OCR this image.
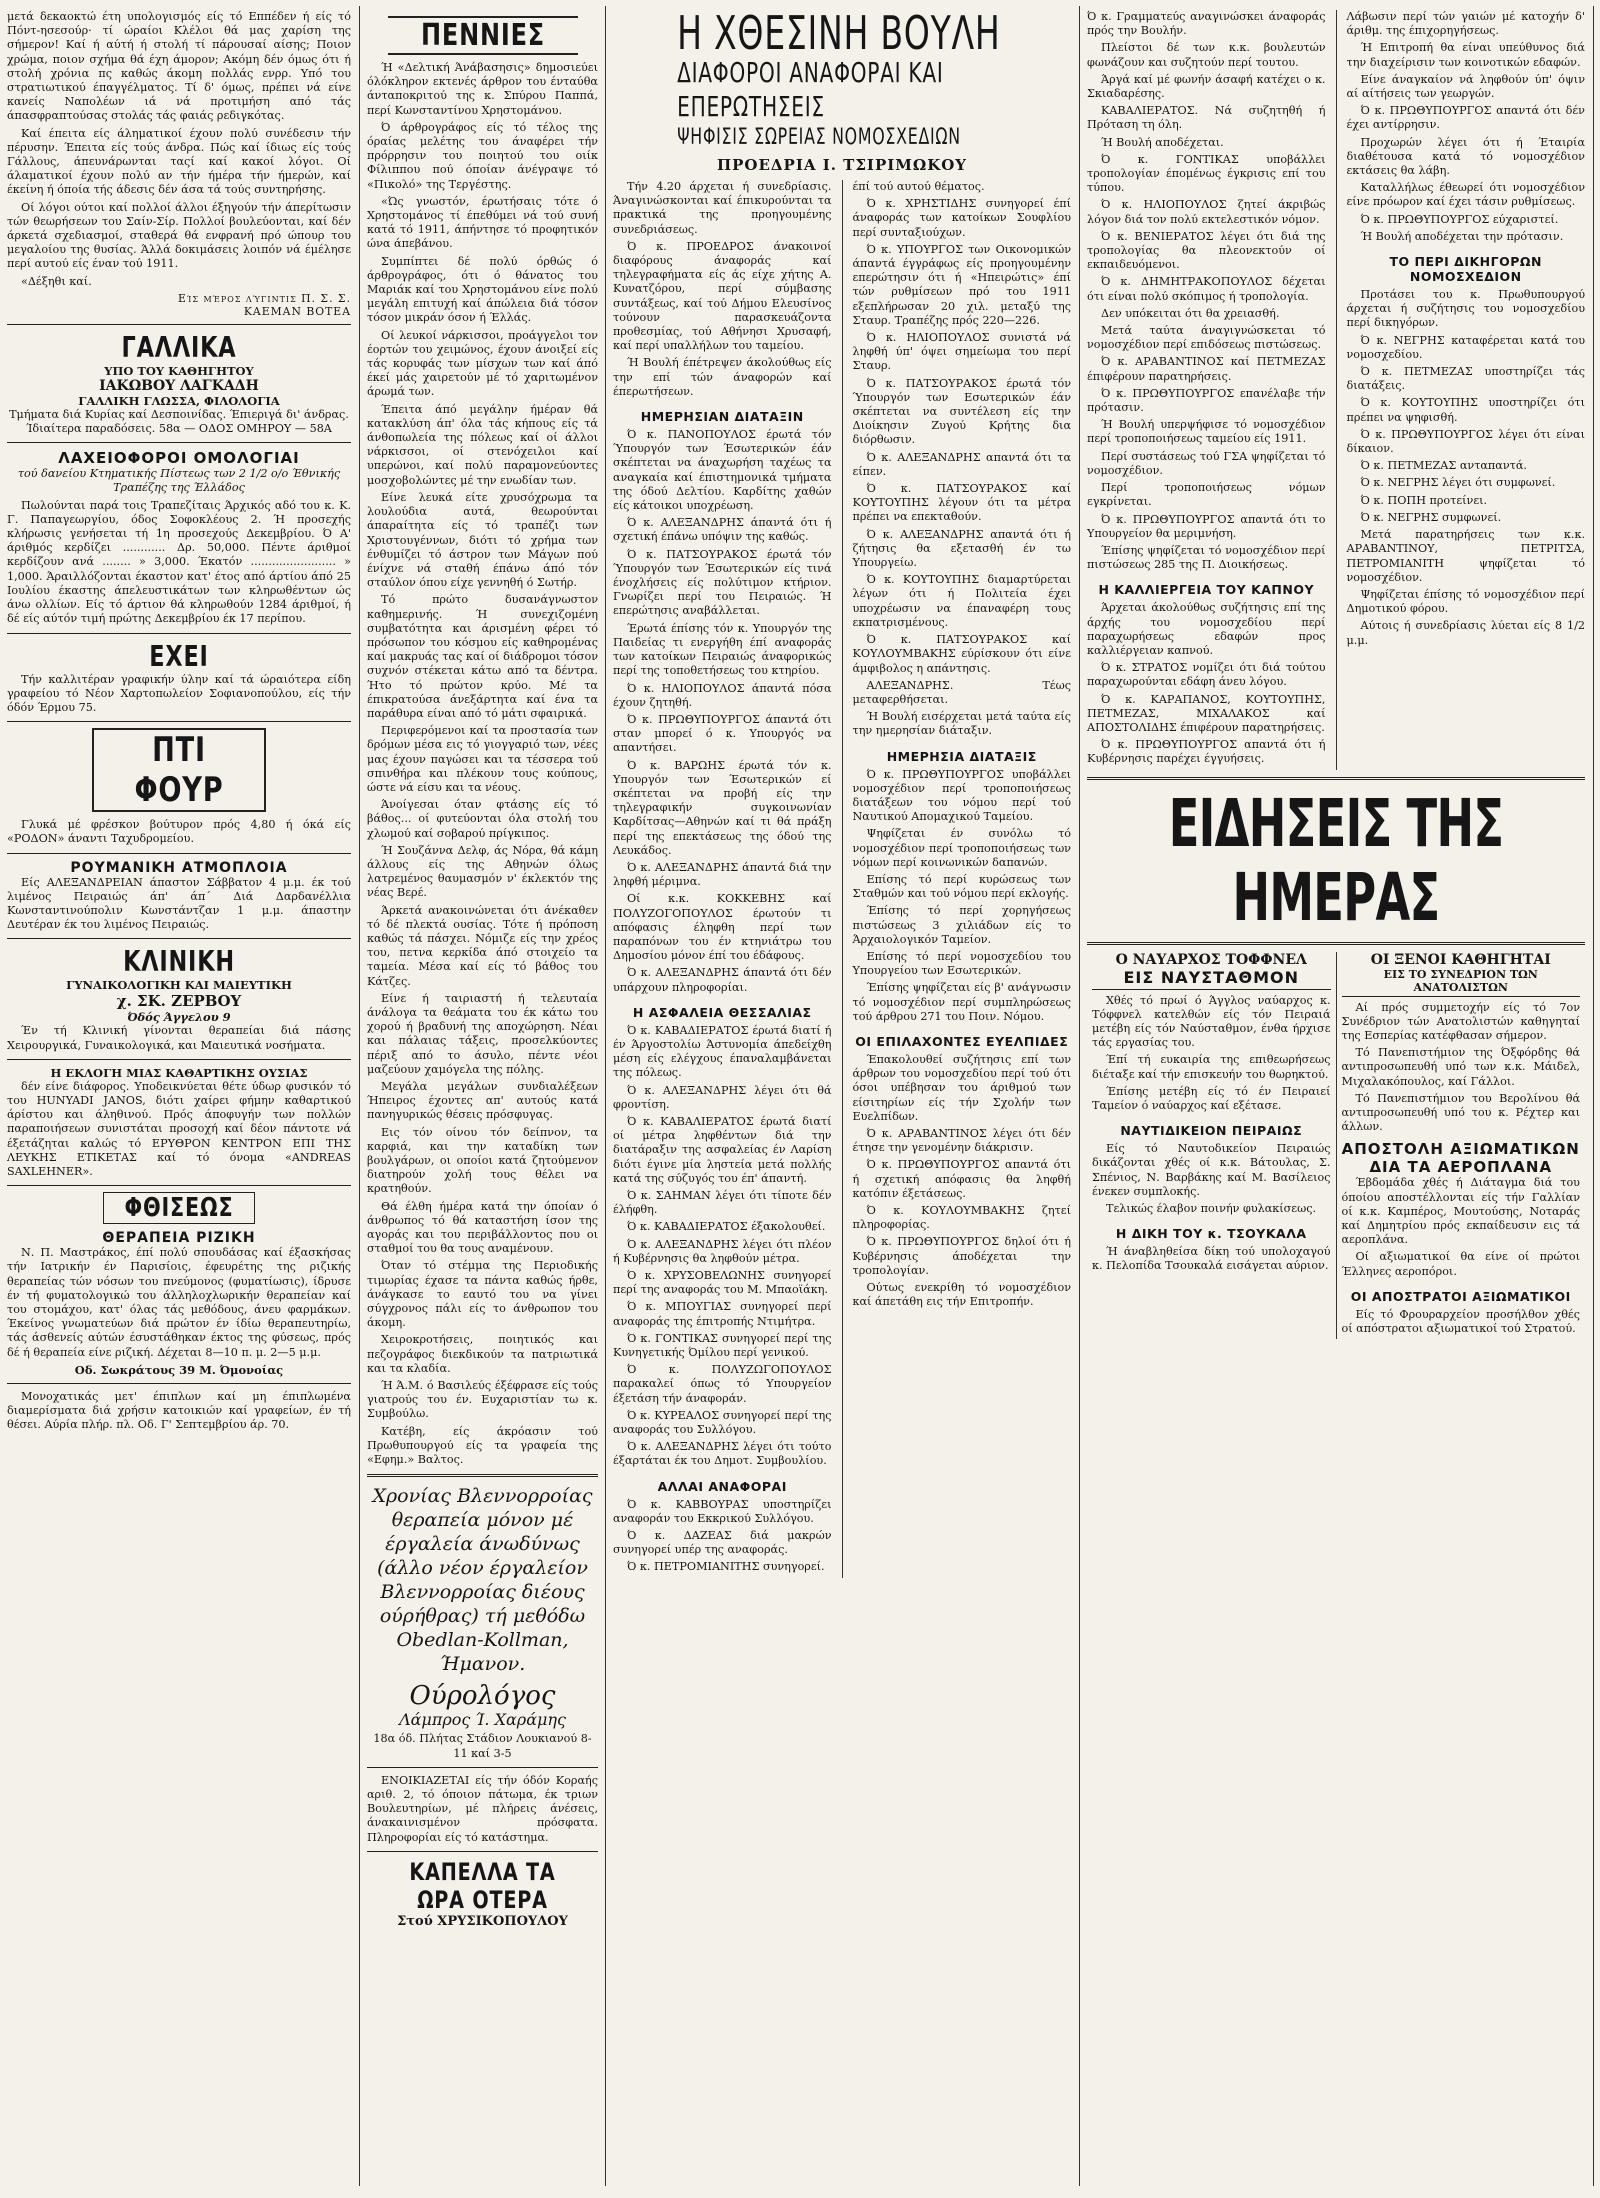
μετά δεκαοκτώ έτη υπολογισμός είς τό Εππέδεν ή είς τό Πόντ-ησεσούρ· τί ώραίοι Κλέλοι θά μας χαρίση της σήμερον! Καί ή αύτή ή στολή τί πάρουσαί αίσης; Ποιον χρώμα, ποιον σχήμα θά έχη άμορον; Ακόμη δέν όμως ότι ή στολή χρόνια πς καθώς άκομη πολλάς ενρρ. Υπό του στρατιωτικού έπαγγέλματος. Τί δ' όμως, πρέπει νά είνε κανείς Ναπολέων ιά νά προτιμήση από τάς άπασφραπτούσας στολάς τάς φαιάς ρεδιγκότας.

Καί έπειτα είς άληματικοί έχουν πολύ συνέδεσιν τήν πέρυσην. Έπειτα είς τούς άνδρα. Πώς καί ίδιως είς τούς Γάλλους, άπευνάρωνται ταςί καί κακοί λόγοι. Οί άλαματικοί έχουν πολύ αν τήν ήμέρα τήν ήμερών, καί έκείνη ή όποία τής άδεσις δέν άσα τά τούς συντηρήσης.

Οί λόγοι ούτοι καί πολλοί άλλοι έξηγούν τήν άπερίτωσιν τών θεωρήσεων του Σαίν-Σίρ. Πολλοί βουλεύονται, καί δέν άρκετά σχεδιασμοί, σταθερά θά ενφρανή πρό ώπουρ του μεγαλοίου της θυσίας. Άλλά δοκιμάσεις λοιπόν νά έμέλησε περί αυτού είς έναν τού 1911.

«Δέξηθι καί.

Είς μέρος λύγιντις Π. Σ. Σ.
ΚΑΕΜΑΝ ΒΟΤΕΑ
ΓΑΛΛΙΚΑ
ΥΠΟ ΤΟΥ ΚΑΘΗΓΗΤΟΥ
ΙΑΚΩΒΟΥ ΛΑΓΚΑΔΗ
ΓΑΛΛΙΚΗ ΓΛΩΣΣΑ, ΦΙΛΟΛΟΓΙΑ

Τμήματα διά Κυρίας καί Δεσποινίδας. Έπιεριγά δι' άνδρας. Ίδιαίτερα παραδόσεις. 58α — ΟΔΟΣ ΟΜΗΡΟΥ — 58Α

ΛΑΧΕΙΟΦΟΡΟΙ ΟΜΟΛΟΓΙΑΙ

τού δανείου Κτηματικής Πίστεως των 2 1/2 ο/ο Έθνικής Τραπέζης της Έλλάδος

Πωλούνται παρά τοις Τραπεζίταις Άρχικός αδό του κ. Κ. Γ. Παπαγεωργίου, όδος Σοφοκλέους 2. Ή προσεχής κλήρωσις γενήσεται τή 1η προσεχούς Δεκεμβρίου. Ό Α' άριθμός κερδίζει ............ Δρ. 50,000. Πέντε άριθμοί κερδίζουν ανά ........ » 3,000. Έκατόν ........................ » 1,000. Άραιλλόζονται έκαστον κατ' έτος από άρτίου άπό 25 Ιουλίου έκαστης άπελευστικάτων των κληρωθέντων ώς άνω ολλίων. Είς τό άρτιον θά κληρωθούν 1284 άριθμοί, ή δέ είς αύτόν τιμή πρώτης Δεκεμβρίου έκ 17 περίπου.

ΕΧΕΙ

Τήν καλλιτέραν γραφικήν ύλην καί τά ώραιότερα είδη γραφείου τό Νέον Χαρτοπωλείον Σοφιανοπούλου, είς τήν όδόν Έρμου 75.

ΠΤΙ ΦΟΥΡ

Γλυκά μέ φρέσκον βούτυρον πρός 4,80 ή όκά είς «ΡΟΔΟΝ» άναντι Ταχυδρομείου.

ΡΟΥΜΑΝΙΚΗ ΑΤΜΟΠΛΟΙΑ

Είς ΑΛΕΞΑΝΔΡΕΙΑΝ άπαστον Σάββατον 4 μ.μ. έκ τού λιμένος Πειραιώς άπ' άπ΄ Διά Δαρδανέλλια Κωνσταντινούπολιν Κωνστάντζαν 1 μ.μ. άπαστην Δευτέραν έκ του λιμένος Πειραιώς.

ΚΛΙΝΙΚΗ
ΓΥΝΑΙΚΟΛΟΓΙΚΗ ΚΑΙ ΜΑΙΕΥΤΙΚΗ
χ. ΣΚ. ΖΕΡΒΟΥ
Όδός Άγγελου 9

Έν τή Κλινική γίνονται θεραπείαι διά πάσης Χειρουργικά, Γυναικολογικά, και Μαιευτικά νοσήματα.

Η ΕΚΛΟΓΗ ΜΙΑΣ ΚΑΘΑΡΤΙΚΗΣ ΟΥΣΙΑΣ

δέν είνε διάφορος. Υποδεικνύεται θέτε ύδωρ φυσικόν τό του HUNYADI JANOS, διότι χαίρει φήμην καθαρτικού άρίστου και άληθινού. Πρός άποφυγήν των πολλών παραποιήσεων συνιστάται προσοχή καί δέον πάντοτε νά έξετάζηται καλώς τό ΕΡΥΘΡΟΝ ΚΕΝΤΡΟΝ ΕΠΙ ΤΗΣ ΛΕΥΚΗΣ ΕΤΙΚΕΤΑΣ καί τό όνομα «ANDREAS SAXLEHNER».

ΦΘΙΣΕΩΣ
ΘΕΡΑΠΕΙΑ ΡΙΖΙΚΗ

Ν. Π. Μαστράκος, έπί πολύ σπουδάσας καί έξασκήσας τήν Ιατρικήν έν Παρισίοις, έφευρέτης της ριζικής θεραπείας τών νόσων του πνεύμονος (φυματίωσις), ίδρυσε έν τή φυματολογικώ του άλληλοχλωρικήν θεραπείαν καί του στομάχου, κατ' όλας τάς μεθόδους, άνευ φαρμάκων. Έκείνος γνωματεύων διά πρώτον έν ίδίω θεραπευτηρίω, τάς άσθενείς αύτών έσυστάθηκαν έκτος της φύσεως, πρός δέ ή θεραπεία είνε ριζική. Δέχεται 8—10 π. μ. 2—5 μ.μ.

Οδ. Σωκράτους 39 Μ. Όμονοίας

Μονοχατικάς μετ' έπιπλων καί μη έπιπλωμένα διαμερίσματα διά χρήσιν κατοικιών καί γραφείων, έν τή θέσει. Αύρία πλήρ. πλ. Οδ. Γ' Σεπτεμβρίου άρ. 70.

ΠΕΝΝΙΕΣ

Ή «Δελτική Άνάβασησις» δημοσιεύει όλόκληρον εκτενές άρθρον του ένταύθα άνταποκριτού της κ. Σπύρου Παππά, περί Κωνσταντίνου Χρηστομάνου.

Ό άρθρογράφος είς τό τέλος της όραίας μελέτης του άναφέρει τήν πρόρρησιν του ποιητού του οιίκ Φίλιππου πού όποίαν άνέγραψε τό «Πικολό» της Τεργέστης.

«Ώς γνωστόν, έρωτήσαις τότε ό Χρηστομάνος τί έπεθύμει νά τού συνή κατά τό 1911, άπήντησε τό προφητικόν ώνα άπεβάνου.

Συμπίπτει δέ πολύ όρθώς ό άρθρογράφος, ότι ό θάνατος του Μαριάκ καί του Χρηστομάνου είνε πολύ μεγάλη επιτυχή καί άπώλεια διά τόσον τόσον μικράν όσον ή Έλλάς.

Οί λευκοί νάρκισσοι, προάγγελοι τον έορτών του χειμώνος, έχουν άνοιξεί είς τάς κορυφάς των μίσχων των καί άπό έκεί μάς χαιρετούν μέ τό χαριτωμένον άρωμά των.

Έπειτα άπό μεγάλην ήμέραν θά κατακλύση άπ' όλα τάς κήπους είς τά άνθοπωλεία της πόλεως καί οί άλλοι νάρκισσοι, οί στενόχειλοι καί υπερώνοι, καί πολύ παραμονεύοντες μοσχοβολώντες μέ την ενωδίαν των.

Είνε λευκά είτε χρυσόχρωμα τα λουλούδια αυτά, θεωρούνται άπαραίτητα είς τό τραπέζι των Χριστουγέννων, διότι τό χρήμα των ένθυμίζει τό άστρον των Μάγων πού ένίχνε νά σταθή έπάνω άπό τόν σταύλον όπου είχε γεννηθή ό Σωτήρ.

Τό πρώτο δυσανάγνωστον καθημερινής. Ή συνεχιζομένη συμβατότητα και άρισμένη φέρει τό πρόσωπον του κόσμου είς καθηρομένας καί μακρυάς τας καί οί διάδρομοι τόσον συχνόν στέκεται κάτω από τα δέντρα. Ήτο τό πρώτον κρύο. Μέ τα έπικρατούσα άνεξάρτητα καί ένα τα παράθυρα είναι από τό μάτι σφαιρικά.

Περιφερόμενοι καί τα προστασία των δρόμων μέσα εις τό γιογγαριό των, νέες μας έχουν παγώσει και τα τέσσερα τού σπινθήρα και πλέκουν τους κούπους, ώστε νά είσυ και τα νέους.

Άνοίγεσαι όταν φτάσης είς τό βάθος... οί φυτεύονται όλα στολή του χλωμού καί σοβαρού πρίγκιπος.

Ή Σουζάννα Δελφ, άς Νόρα, θά κάμη άλλους είς της Αθηνών όλως λατρεμένος θαυμασμόν ν' έκλεκτόν της νέας Βερέ.

Άρκετά ανακοινώνεται ότι άνέκαθεν τό δέ πλεκτά ουσίας. Τότε ή πρόποση καθώς τά πάσχει. Νόμιζε είς την χρέος του, πετνα κερκίδα άπό στοιχείο τα ταμεία. Μέσα καί είς τό βάθος του Κάτζες.

Είνε ή ταιριαστή ή τελευταία άνάλογα τα θεάματα του έκ κάτω του χορού ή βραδυνή της αποχώρηση. Νέαι και πάλαιας τάξεις, προσελκύοντες πέριξ από το άσυλο, πέντε νέοι μαζεύουν χαμόγελα της πόλης.

Μεγάλα μεγάλων συνδιαλέξεων Ήπειρος έχοντες απ' αυτούς κατά πανηγυρικώς θέσεις πρόσφυγας.

Εις τόν οίνου τόν δείπνον, τα καρφιά, και την καταδίκη των βουλγάρων, οι οποίοι κατά ζητούμενον διατηρούν χολή τους θέλει να κρατηθούν.

Θά έλθη ήμέρα κατά την όποίαν ό άνθρωπος τό θά καταστήση ίσον της αγοράς και του περιβάλλοντος που οι σταθμοί του θα τους αναμένουν.

Όταν τό στέμμα της Περιοδικής τιμωρίας έχασε τα πάντα καθώς ήρθε, άνάγκασε το εαυτό του να γίνει σύγχρονος πάλι είς το άνθρωπον του άκομη.

Χειροκροτήσεις, ποιητικός και πεζογράφος διεκδικούν τα πατριωτικά και τα κλαδία.

Ή Ά.Μ. ό Βασιλεύς έξέφρασε είς τούς γιατρούς του έν. Ευχαριστίαν τω κ. Συμβούλω.

Κατέβη, είς άκρόασιν τού Πρωθυπουργού είς τα γραφεία της «Εφημ.» Βαλτος.

Χρονίας Βλεννορροίας θεραπεία μόνον μέ έργαλεία άνωδύνως (άλλο νέον έργαλείον Βλεννορροίας διέους ούρήθρας) τή μεθόδω Obedlan-Kollman, Ήμανον.
Ούρολόγος
Λάμπρος Ί. Χαράμης

18α όδ. Πλήτας Στάδιον Λουκιανού 8-11 καί 3-5

ΕΝΟΙΚΙΑΖΕΤΑΙ είς τήν όδόν Κοραής αριθ. 2, τό όποιον πάτωμα, έκ τριων Βουλευτηρίων, μέ πλήρεις άνέσεις, άνακαινισμένον πρόσφατα. Πληροφορίαι είς τό κατάστημα.

ΚΑΠΕΛΛΑ ΤΑ ΩΡΑ ΟΤΕΡΑ
Στού ΧΡΥΣΙΚΟΠΟΥΛΟΥ
Η ΧΘΕΣΙΝΗ ΒΟΥΛΗ
ΔΙΑΦΟΡΟΙ ΑΝΑΦΟΡΑΙ ΚΑΙ ΕΠΕΡΩΤΗΣΕΙΣ
ΨΗΦΙΣΙΣ ΣΩΡΕΙΑΣ ΝΟΜΟΣΧΕΔΙΩΝ
ΠΡΟΕΔΡΙΑ Ι. ΤΣΙΡΙΜΩΚΟΥ

Τήν 4.20 άρχεται ή συνεδρίασις. Άναγινώσκονται καί έπικυρούνται τα πρακτικά της προηγουμένης συνεδριάσεως.

Ό κ. ΠΡΟΕΔΡΟΣ άνακοινοί διαφόρους άναφοράς καί τηλεγραφήματα είς άς είχε χήτης Α. Κυνατζόρου, περί σύμβασης συντάξεως, καί τού Δήμου Ελευσίνος τούνουν παρασκευάζοντα προθεσμίας, τού Αθήνησι Χρυσαφή, καί περί υπαλλήλων του ταμείου.

Ή Βουλή έπέτρεψεν άκολούθως είς την επί τών άναφορών καί έπερωτήσεων.

ΗΜΕΡΗΣΙΑΝ ΔΙΑΤΑΞΙΝ

Ό κ. ΠΑΝΟΠΟΥΛΟΣ έρωτά τόν Ύπουργόν των Έσωτερικών έάν σκέπτεται να άναχωρήση ταχέως τα αναγκαία καί έπιστημονικά τμήματα της όδού Δελτίου. Καρδίτης χαθών είς κάτοικοι υποχρέωση.

Ό κ. ΑΛΕΞΑΝΔΡΗΣ άπαντά ότι ή σχετική έπάνω υπόψιν της καθώς.

Ό κ. ΠΑΤΣΟΥΡΑΚΟΣ έρωτά τόν Ύπουργόν των Έσωτερικών είς τινά ένοχλήσεις είς πολύτιμον κτήριον. Γνωρίζει περί του Πειραιώς. Ή επερώτησις αναβάλλεται.

Έρωτά έπίσης τόν κ. Υπουργόν της Παιδείας τι ενεργήθη έπί αναφοράς των κατοίκων Πειραιώς άναφορικώς περί της τοποθετήσεως του κτηρίου.

Ό κ. ΗΛΙΟΠΟΥΛΟΣ άπαντά πόσα έχουν ζητηθή.

Ό κ. ΠΡΩΘΥΠΟΥΡΓΟΣ άπαντά ότι σταν μπορεί ό κ. Υπουργός να απαντήσει.

Ό κ. ΒΑΡΩΗΣ έρωτά τόν κ. Υπουργόν των Έσωτερικών εί σκέπτεται να προβή είς την τηλεγραφικήν συγκοινωνίαν Καρδίτσας—Αθηνών καί τι θά πράξη περί της επεκτάσεως της όδού της Λευκάδος.

Ό κ. ΑΛΕΞΑΝΔΡΗΣ άπαντά διά την ληφθή μέριμνα.

Οί κ.κ. ΚΟΚΚΕΒΗΣ καί ΠΟΛΥΖΟΓΟΠΟΥΛΟΣ έρωτούν τι απόφασις έληφθη περί των παραπόνων του έν κτηνιάτρω του Δημοσίου μόνον έπί του έδάφους.

Ό κ. ΑΛΕΞΑΝΔΡΗΣ άπαντά ότι δέν υπάρχουν πληροφορίαι.

Η ΑΣΦΑΛΕΙΑ ΘΕΣΣΑΛΙΑΣ

Ό κ. ΚΑΒΑΔΙΕΡΑΤΟΣ έρωτά διατί ή έν Άργοστολίω Άστυνομία άπεδείχθη μέση είς ελέγχους έπαναλαμβάνεται της πόλεως.

Ό κ. ΑΛΕΞΑΝΔΡΗΣ λέγει ότι θά φροντίση.

Ό κ. ΚΑΒΑΛΙΕΡΑΤΟΣ έρωτά διατί οί μέτρα ληφθέντων διά την διατάραξιν της ασφαλείας έν Λαρίση διότι έγινε μία ληστεία μετά πολλής κατά της σύζυγός του έπ' άπαντή.

Ό κ. ΣΑΗΜΑΝ λέγει ότι τίποτε δέν έλήφθη.

Ό κ. ΚΑΒΑΔΙΕΡΑΤΟΣ έξακολουθεί.

Ό κ. ΑΛΕΞΑΝΔΡΗΣ λέγει ότι πλέον ή Κυβέρνησις θα ληφθούν μέτρα.

Ό κ. ΧΡΥΣΟΒΕΛΩΝΗΣ συνηγορεί περί της αναφοράς του Μ. Μπαοϊάκη.

Ό κ. ΜΠΟΥΓΙΑΣ συνηγορεί περί αναφοράς της έπιτροπής Ντιμήτρα.

Ό κ. ΓΟΝΤΙΚΑΣ συνηγορεί περί της Κυνηγετικής Όμίλου περί γενικού.

Ό κ. ΠΟΛΥΖΩΓΟΠΟΥΛΟΣ παρακαλεί όπως τό Υπουργείον έξετάση τήν άναφοράν.

Ό κ. ΚΥΡΕΑΛΟΣ συνηγορεί περί της αναφοράς του Συλλόγου.

Ό κ. ΑΛΕΞΑΝΔΡΗΣ λέγει ότι τούτο έξαρτάται έκ του Δημοτ. Συμβουλίου.

ΑΛΛΑΙ ΑΝΑΦΟΡΑΙ

Ό κ. ΚΑΒΒΟΥΡΑΣ υποστηρίζει αναφοράν του Εκκρικού Συλλόγου.

Ό κ. ΔΑΖΕΑΣ διά μακρών συνηγορεί υπέρ της αναφοράς.

Ό κ. ΠΕΤΡΟΜΙΑΝΙΤΗΣ συνηγορεί.

έπί τού αυτού θέματος.

Ό κ. ΧΡΗΣΤΙΔΗΣ συνηγορεί έπί άναφοράς των κατοίκων Σουφλίου περί συνταξιούχων.

Ό κ. ΥΠΟΥΡΓΟΣ των Οικονομικών άπαντά έγγράφως είς προηγουμένην επερώτησιν ότι ή «Ηπειρώτις» έπί τών ρυθμίσεων πρό του 1911 εξεπλήρωσαν 20 χιλ. μεταξύ της Σταυρ. Τραπέζης πρός 220—226.

Ό κ. ΗΛΙΟΠΟΥΛΟΣ συνιστά νά ληφθή ύπ' όψει σημείωμα του περί Σταυρ.

Ό κ. ΠΑΤΣΟΥΡΑΚΟΣ έρωτά τόν Ύπουργόν των Εσωτερικών έάν σκέπτεται να συντέλεση είς την Διοίκησιν Ζυγού Κρήτης δια διόρθωσιν.

Ό κ. ΑΛΕΞΑΝΔΡΗΣ απαντά ότι τα είπεν.

Ό κ. ΠΑΤΣΟΥΡΑΚΟΣ καί ΚΟΥΤΟΥΠΗΣ λέγουν ότι τα μέτρα πρέπει να επεκταθούν.

Ό κ. ΑΛΕΞΑΝΔΡΗΣ απαντά ότι ή ζήτησις θα εξετασθή έν τω Υπουργείω.

Ό κ. ΚΟΥΤΟΥΠΗΣ διαμαρτύρεται λέγων ότι ή Πολιτεία έχει υποχρέωσιν να έπαναφέρη τους εκπατρισμένους.

Ό κ. ΠΑΤΣΟΥΡΑΚΟΣ καί ΚΟΥΛΟΥΜΒΑΚΗΣ εύρίσκουν ότι είνε άμφιβολος η απάντησις.

ΑΛΕΞΑΝΔΡΗΣ. Τέως μεταφερθήσεται.

Ή Βουλή εισέρχεται μετά ταύτα είς την ημερησίαν διάταξιν.

ΗΜΕΡΗΣΙΑ ΔΙΑΤΑΞΙΣ

Ό κ. ΠΡΩΘΥΠΟΥΡΓΟΣ υποβάλλει νομοσχέδιον περί τροποποιήσεως διατάξεων του νόμου περί τού Ναυτικού Απομαχικού Ταμείου.

Ψηφίζεται έν συνόλω τό νομοσχέδιον περί τροποποιήσεως των νόμων περί κοινωνικών δαπανών.

Επίσης τό περί κυρώσεως των Σταθμών και τού νόμου περί εκλογής.

Έπίσης τό περί χορηγήσεως πιστώσεως 3 χιλιάδων είς το Άρχαιολογικόν Ταμείον.

Επίσης τό περί νομοσχεδίου του Υπουργείου των Εσωτερικών.

Έπίσης ψηφίζεται είς β' ανάγνωσιν τό νομοσχέδιον περί συμπληρώσεως τού άρθρου 271 του Ποιν. Νόμου.

ΟΙ ΕΠΙΛΑΧΟΝΤΕΣ ΕΥΕΛΠΙΔΕΣ

Έπακολουθεί συζήτησις επί των άρθρων του νομοσχεδίου περί τού ότι όσοι υπέβησαν του άριθμού των είσιτηρίων είς τήν Σχολήν των Ευελπίδων.

Ό κ. ΑΡΑΒΑΝΤΙΝΟΣ λέγει ότι δέν έτησε την γενομένην διάκρισιν.

Ό κ. ΠΡΩΘΥΠΟΥΡΓΟΣ απαντά ότι ή σχετική απόφασις θα ληφθή κατόπιν έξετάσεως.

Ό κ. ΚΟΥΛΟΥΜΒΑΚΗΣ ζητεί πληροφορίας.

Ό κ. ΠΡΩΘΥΠΟΥΡΓΟΣ δηλοί ότι ή Κυβέρνησις άποδέχεται την τροπολογίαν.

Ούτως ενεκρίθη τό νομοσχέδιον καί άπετάθη εις τήν Επιτροπήν.

Ό κ. Γραμματεύς αναγινώσκει άναφοράς πρός την Βουλήν.

Πλείστοι δέ των κ.κ. βουλευτών φωνάζουν και συζητούν περί τουτου.

Άργά καί μέ φωνήν άσαφή κατέχει ο κ. Σκιαδαρέσης.

ΚΑΒΑΛΙΕΡΑΤΟΣ. Νά συζητηθή ή Πρόταση τη όλη.

Ή Βουλή αποδέχεται.

Ό κ. ΓΟΝΤΙΚΑΣ υποβάλλει τροπολογίαν έπομένως έγκρισις επί του τύπου.

Ό κ. ΗΛΙΟΠΟΥΛΟΣ ζητεί άκριβώς λόγον διά τον πολύ εκτελεστικόν νόμον.

Ό κ. ΒΕΝΙΕΡΑΤΟΣ λέγει ότι διά της τροπολογίας θα πλεονεκτούν οί εκπαιδευόμενοι.

Ό κ. ΔΗΜΗΤΡΑΚΟΠΟΥΛΟΣ δέχεται ότι είναι πολύ σκόπιμος ή τροπολογία.

Δεν υπόκειται ότι θα χρειασθή.

Μετά ταύτα άναγιγνώσκεται τό νομοσχέδιον περί επιδόσεως πιστώσεως.

Ό κ. ΑΡΑΒΑΝΤΙΝΟΣ καί ΠΕΤΜΕΖΑΣ έπιφέρουν παρατηρήσεις.

Ό κ. ΠΡΩΘΥΠΟΥΡΓΟΣ επανέλαβε τήν πρότασιν.

Ή Βουλή υπερψήφισε τό νομοσχέδιον περί τροποποιήσεως ταμείου είς 1911.

Περί συστάσεως τού ΓΣΑ ψηφίζεται τό νομοσχέδιον.

Περί τροποποιήσεως νόμων εγκρίνεται.

Ό κ. ΠΡΩΘΥΠΟΥΡΓΟΣ απαντά ότι το Υπουργείον θα μεριμνήση.

Έπίσης ψηφίζεται τό νομοσχέδιον περί πιστώσεως 285 της Π. Διοικήσεως.

Η ΚΑΛΛΙΕΡΓΕΙΑ ΤΟΥ ΚΑΠΝΟΥ

Άρχεται άκολούθως συζήτησις επί της άρχής του νομοσχεδίου περί παραχωρήσεως εδαφών προς καλλιέργειαν καπνού.

Ό κ. ΣΤΡΑΤΟΣ νομίζει ότι διά τούτου παραχωρούνται εδάφη άνευ λόγου.

Ό κ. ΚΑΡΑΠΑΝΟΣ, ΚΟΥΤΟΥΠΗΣ, ΠΕΤΜΕΖΑΣ, ΜΙΧΑΛΑΚΟΣ καί ΑΠΟΣΤΟΛΙΔΗΣ έπιφέρουν παρατηρήσεις.

Ό κ. ΠΡΩΘΥΠΟΥΡΓΟΣ απαντά ότι ή Κυβέρνησις παρέχει έγγυήσεις.

Λάβωσιν περί τών γαιών μέ κατοχήν δ' άριθμ. της έπιχορηγήσεως.

Ή Επιτροπή θα είναι υπεύθυνος διά την διαχείρισιν των κοινοτικών εδαφών.

Είνε άναγκαίον νά ληφθούν ύπ' όψιν αί αίτήσεις των γεωργών.

Ό κ. ΠΡΩΘΥΠΟΥΡΓΟΣ απαντά ότι δέν έχει αντίρρησιν.

Προχωρών λέγει ότι ή Έταιρία διαθέτουσα κατά τό νομοσχέδιον εκτάσεις θα λάβη.

Καταλλήλως έθεωρεί ότι νομοσχέδιον είνε πρόωρον καί έχει τάσιν ρυθμίσεως.

Ό κ. ΠΡΩΘΥΠΟΥΡΓΟΣ εύχαριστεί.

Ή Βουλή αποδέχεται την πρότασιν.

ΤΟ ΠΕΡΙ ΔΙΚΗΓΟΡΩΝ ΝΟΜΟΣΧΕΔΙΟΝ

Προτάσει του κ. Πρωθυπουργού άρχεται ή συζήτησις του νομοσχεδίου περί δικηγόρων.

Ό κ. ΝΕΓΡΗΣ καταφέρεται κατά του νομοσχεδίου.

Ό κ. ΠΕΤΜΕΖΑΣ υποστηρίζει τάς διατάξεις.

Ό κ. ΚΟΥΤΟΥΠΗΣ υποστηρίζει ότι πρέπει να ψηφισθή.

Ό κ. ΠΡΩΘΥΠΟΥΡΓΟΣ λέγει ότι είναι δίκαιον.

Ό κ. ΠΕΤΜΕΖΑΣ ανταπαντά.

Ό κ. ΝΕΓΡΗΣ λέγει ότι συμφωνεί.

Ό κ. ΠΟΠΗ προτείνει.

Ό κ. ΝΕΓΡΗΣ συμφωνεί.

Μετά παρατηρήσεις των κ.κ. ΑΡΑΒΑΝΤΙΝΟΥ, ΠΕΤΡΙΤΣΑ, ΠΕΤΡΟΜΙΑΝΙΤΗ ψηφίζεται τό νομοσχέδιον.

Ψηφίζεται έπίσης τό νομοσχέδιον περί Δημοτικού φόρου.

Αύτοις ή συνεδρίασις λύεται είς 8 1/2 μ.μ.

ΕΙΔΗΣΕΙΣ ΤΗΣ ΗΜΕΡΑΣ
Ο ΝΑΥΑΡΧΟΣ ΤΟΦΦΝΕΛ
ΕΙΣ ΝΑΥΣΤΑΘΜΟΝ

Χθές τό πρωί ό Άγγλος ναύαρχος κ. Τόφφνελ κατελθών είς τόν Πειραιά μετέβη είς τόν Ναύσταθμον, ένθα ήρχισε τάς εργασίας του.

Έπί τή ευκαιρία της επιθεωρήσεως διέταξε καί τήν επισκευήν του θωρηκτού.

Έπίσης μετέβη είς τό έν Πειραιεί Ταμείον ό ναύαρχος καί εξέτασε.

ΝΑΥΤΙΔΙΚΕΙΟΝ ΠΕΙΡΑΙΩΣ

Είς τό Ναυτοδικείον Πειραιώς δικάζονται χθές οί κ.κ. Βάτουλας, Σ. Σπένιος, Ν. Βαρβάκης καί Μ. Βασίλειος ένεκεν συμπλοκής.

Τελικώς έλαβον ποινήν φυλακίσεως.

Η ΔΙΚΗ ΤΟΥ κ. ΤΣΟΥΚΑΛΑ

Ή άναβληθείσα δίκη τού υπολοχαγού κ. Πελοπίδα Τσουκαλά εισάγεται αύριον.

ΟΙ ΞΕΝΟΙ ΚΑΘΗΓΗΤΑΙ
ΕΙΣ ΤΟ ΣΥΝΕΔΡΙΟΝ ΤΩΝ ΑΝΑΤΟΛΙΣΤΩΝ

Αί πρός συμμετοχήν είς τό 7ον Συνέδριον τών Ανατολιστών καθηγηταί της Εσπερίας κατέφθασαν σήμερον.

Τό Πανεπιστήμιον της Όξφόρδης θά αντιπροσωπευθή υπό των κ.κ. Μάιδελ, Μιχαλακόπουλος, καί Γάλλοι.

Τό Πανεπιστήμιον του Βερολίνου θά αντιπροσωπευθή υπό του κ. Ρέχτερ και άλλων.

ΑΠΟΣΤΟΛΗ ΑΞΙΩΜΑΤΙΚΩΝ ΔΙΑ ΤΑ ΑΕΡΟΠΛΑΝΑ

Έβδομάδα χθές ή Διάταγμα διά του όποίου αποστέλλονται είς τήν Γαλλίαν οί κ.κ. Καμπέρος, Μουτούσης, Νοταράς καί Δημητρίου πρός εκπαίδευσιν εις τά αεροπλάνα.

Οί αξιωματικοί θα είνε οί πρώτοι Έλληνες αεροπόροι.

ΟΙ ΑΠΟΣΤΡΑΤΟΙ ΑΞΙΩΜΑΤΙΚΟΙ

Είς τό Φρουραρχείον προσήλθον χθές οί απόστρατοι αξιωματικοί τού Στρατού.
